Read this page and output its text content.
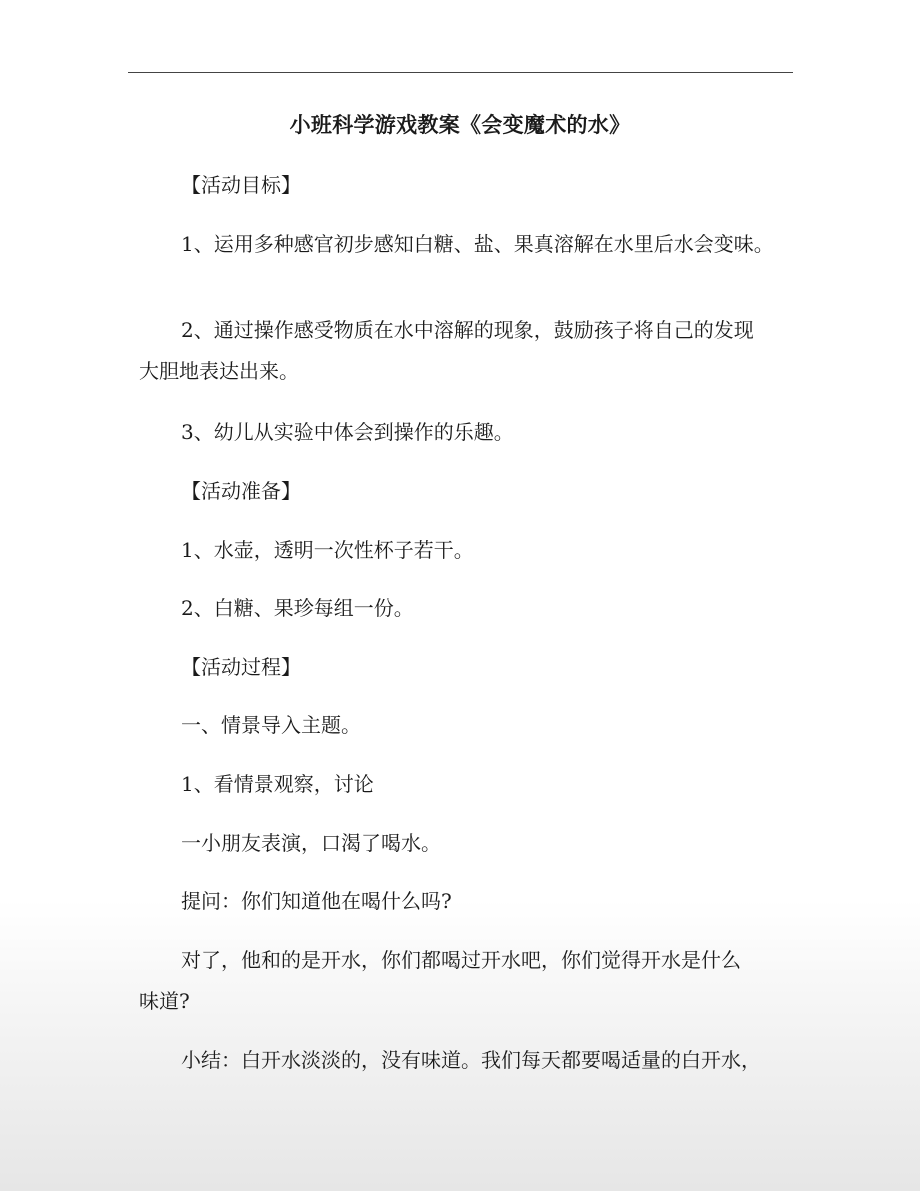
小班科学游戏教案《会变魔术的水》
【活动目标】
1、运用多种感官初步感知白糖、盐、果真溶解在水里后水会变味。
2、通过操作感受物质在水中溶解的现象，鼓励孩子将自己的发现
大胆地表达出来。
3、幼儿从实验中体会到操作的乐趣。
【活动准备】
1、水壶，透明一次性杯子若干。
2、白糖、果珍每组一份。
【活动过程】
一、情景导入主题。
1、看情景观察，讨论
一小朋友表演，口渴了喝水。
提问：你们知道他在喝什么吗?
对了，他和的是开水，你们都喝过开水吧，你们觉得开水是什么
味道?
小结：白开水淡淡的，没有味道。我们每天都要喝适量的白开水，
